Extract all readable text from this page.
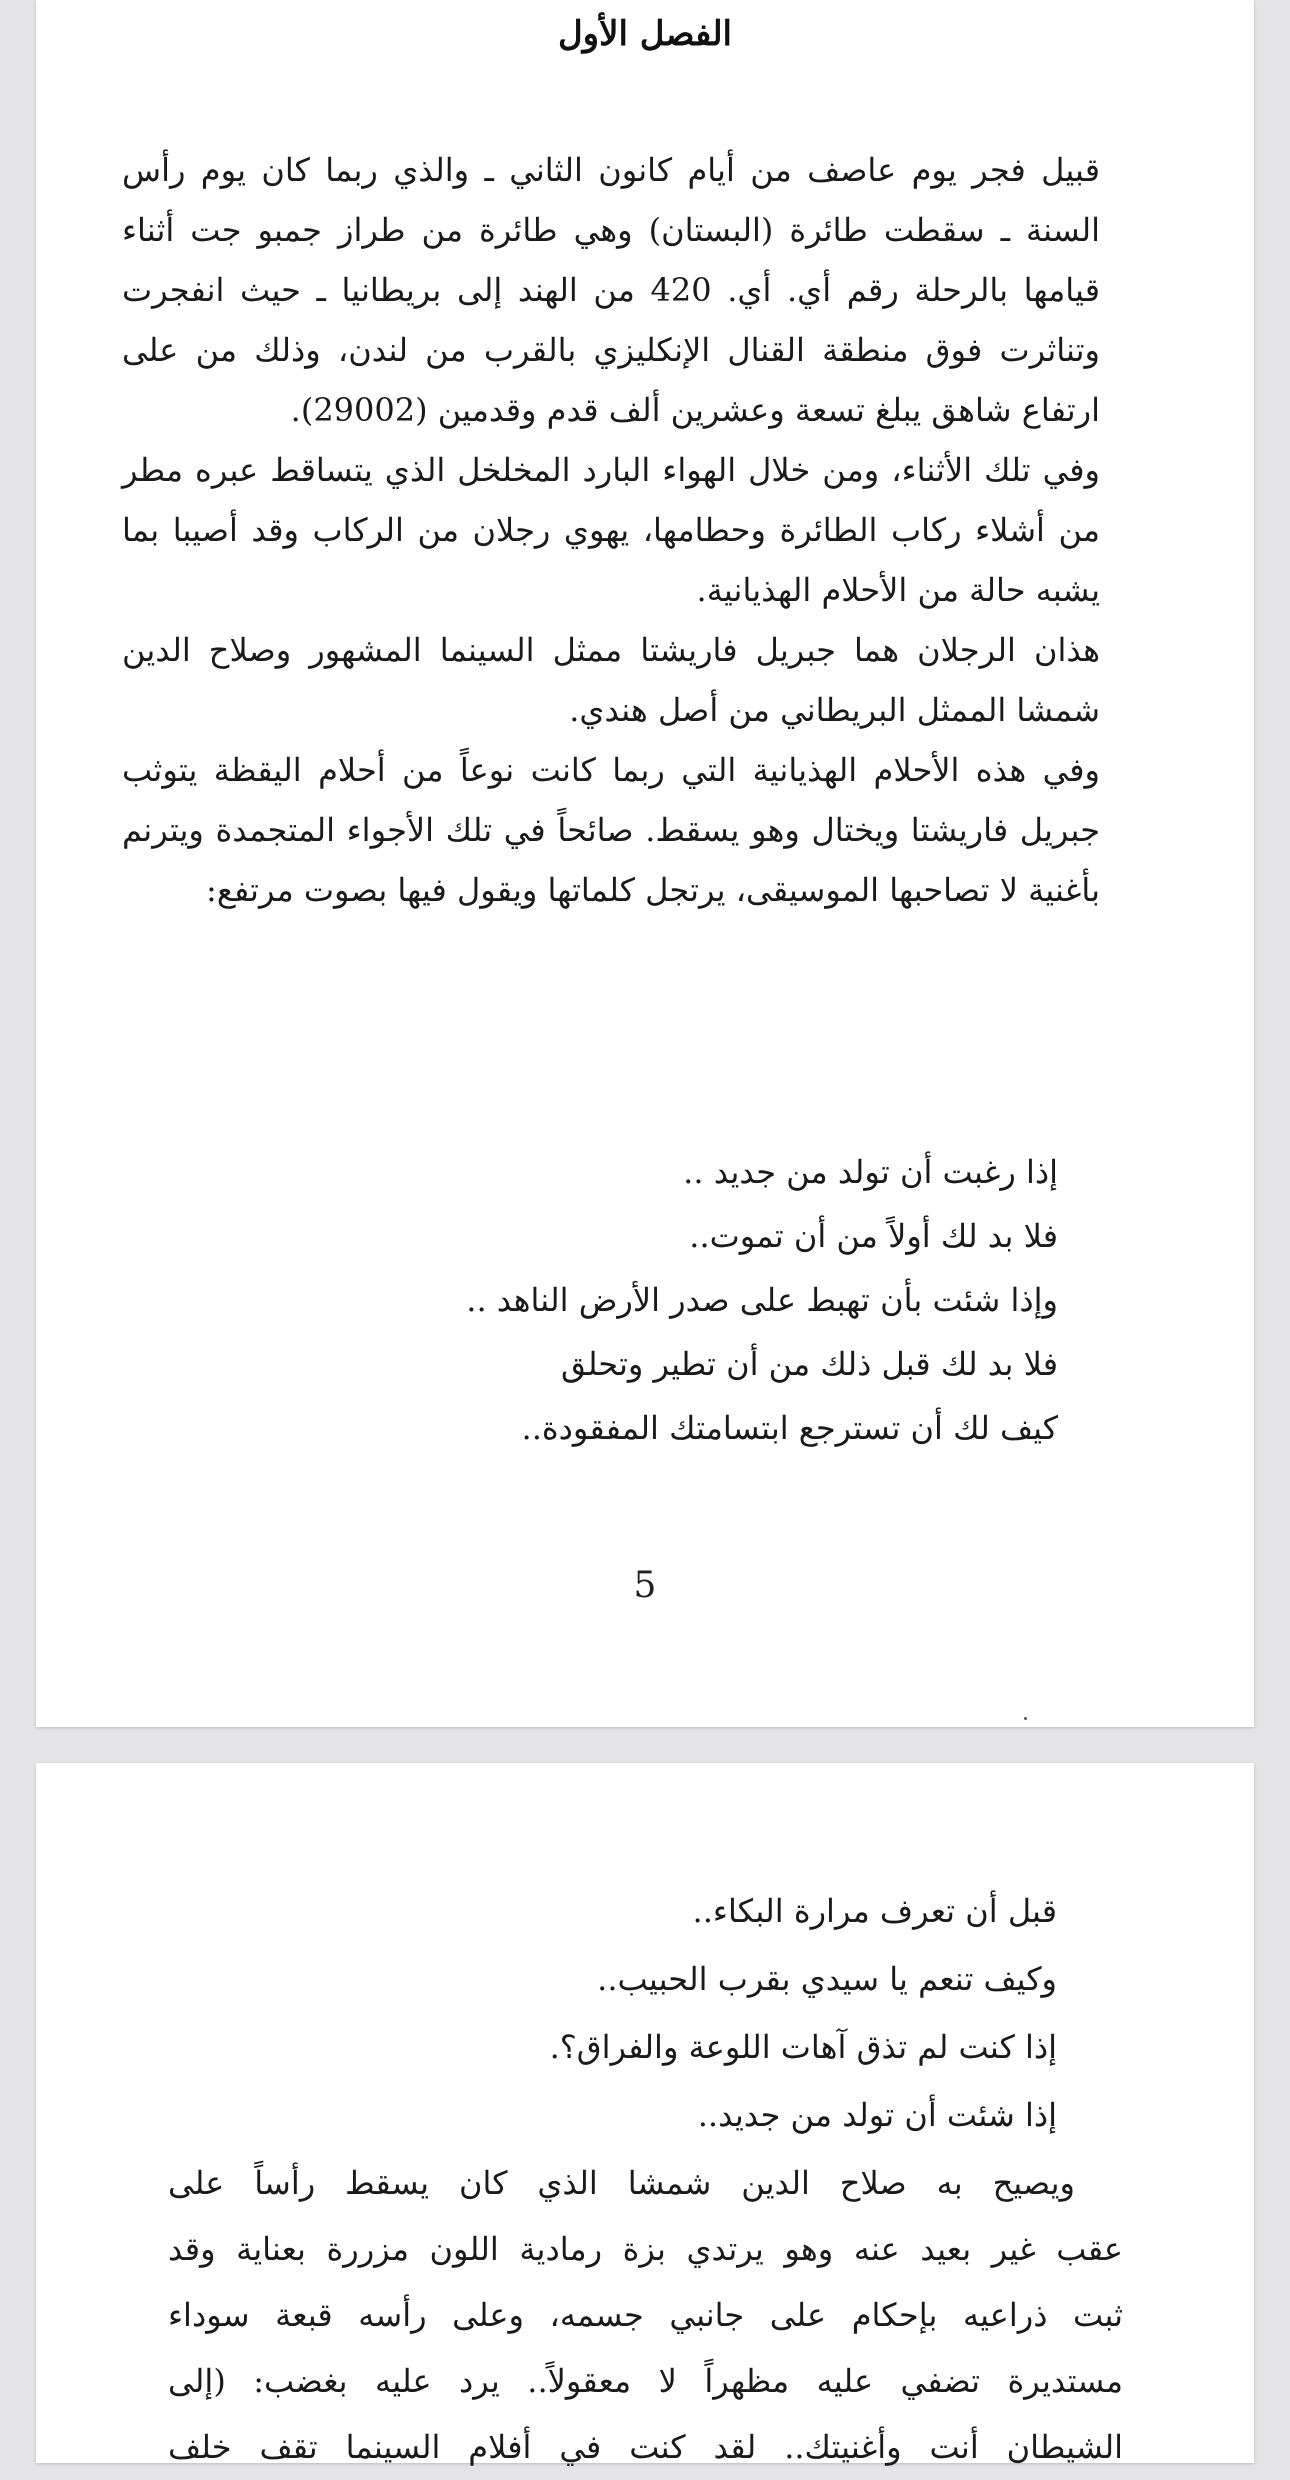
الفصل الأول

قبيل فجر يوم عاصف من أيام كانون الثاني ـ والذي ربما كان يوم رأس السنة ـ سقطت طائرة (البستان) وهي طائرة من طراز جمبو جت أثناء قيامها بالرحلة رقم أي. أي. 420 من الهند إلى بريطانيا ـ حيث انفجرت وتناثرت فوق منطقة القنال الإنكليزي بالقرب من لندن، وذلك من على ارتفاع شاهق يبلغ تسعة وعشرين ألف قدم وقدمين (29002).

وفي تلك الأثناء، ومن خلال الهواء البارد المخلخل الذي يتساقط عبره مطر من أشلاء ركاب الطائرة وحطامها، يهوي رجلان من الركاب وقد أصيبا بما يشبه حالة من الأحلام الهذيانية.

هذان الرجلان هما جبريل فاريشتا ممثل السينما المشهور وصلاح الدين شمشا الممثل البريطاني من أصل هندي.

وفي هذه الأحلام الهذيانية التي ربما كانت نوعاً من أحلام اليقظة يتوثب جبريل فاريشتا ويختال وهو يسقط. صائحاً في تلك الأجواء المتجمدة ويترنم بأغنية لا تصاحبها الموسيقى، يرتجل كلماتها ويقول فيها بصوت مرتفع:

إذا رغبت أن تولد من جديد ..

فلا بد لك أولاً من أن تموت..

وإذا شئت بأن تهبط على صدر الأرض الناهد ..

فلا بد لك قبل ذلك من أن تطير وتحلق

كيف لك أن تسترجع ابتسامتك المفقودة..

5

قبل أن تعرف مرارة البكاء..

وكيف تنعم يا سيدي بقرب الحبيب..

إذا كنت لم تذق آهات اللوعة والفراق؟.

إذا شئت أن تولد من جديد..

ويصيح به صلاح الدين شمشا الذي كان يسقط رأساً على

عقب غير بعيد عنه وهو يرتدي بزة رمادية اللون مزررة بعناية وقد

ثبت ذراعيه بإحكام على جانبي جسمه، وعلى رأسه قبعة سوداء

مستديرة تضفي عليه مظهراً لا معقولاً.. يرد عليه بغضب: (إلى

الشيطان أنت وأغنيتك.. لقد كنت في أفلام السينما تقف خلف
